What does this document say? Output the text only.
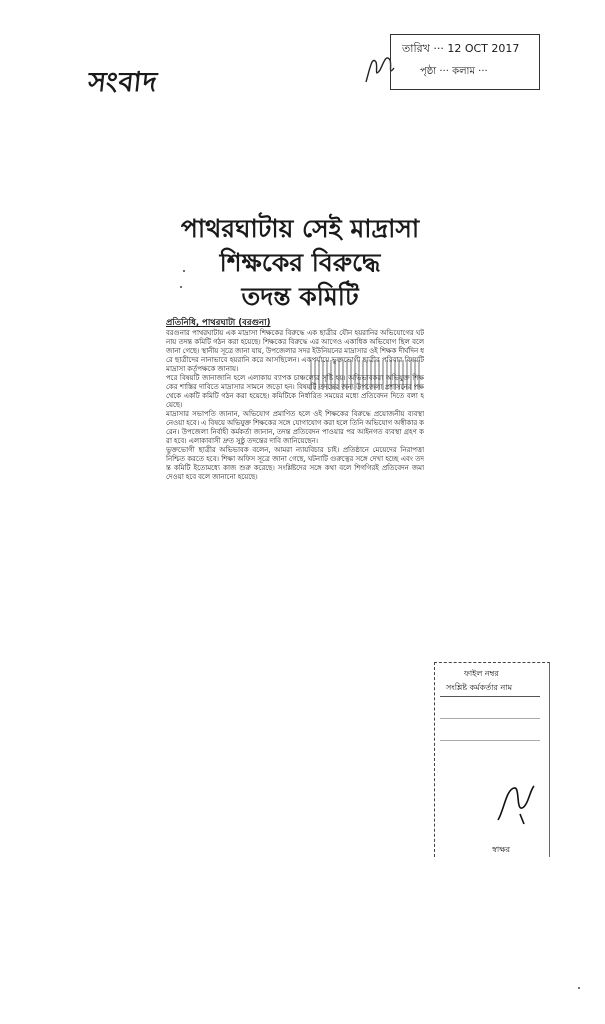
সংবাদ
তারিখ ··· 12 OCT 2017
পৃষ্ঠা ··· কলাম ···
পাথরঘাটায় সেই মাদ্রাসা
শিক্ষকের বিরুদ্ধে
তদন্ত কমিটি
প্রতিনিধি, পাথরঘাটা (বরগুনা)

বরগুনার পাথরঘাটায় এক মাদ্রাসা শিক্ষকের বিরুদ্ধে এক ছাত্রীর যৌন হয়রানির অভিযোগের ঘটনায় তদন্ত কমিটি গঠন করা হয়েছে। শিক্ষকের বিরুদ্ধে এর আগেও একাধিক অভিযোগ ছিল বলে জানা গেছে। স্থানীয় সূত্রে জানা যায়, উপজেলার সদর ইউনিয়নের মাদ্রাসার ওই শিক্ষক দীর্ঘদিন ধরে ছাত্রীদের নানাভাবে হয়রানি করে আসছিলেন। একপর্যায়ে ভুক্তভোগী ছাত্রীর পরিবার বিষয়টি মাদ্রাসা কর্তৃপক্ষকে জানায়।

পরে বিষয়টি জানাজানি হলে এলাকায় ব্যাপক চাঞ্চল্যের সৃষ্টি হয়। অভিভাবকরা অভিযুক্ত শিক্ষকের শাস্তির দাবিতে মাদ্রাসার সামনে জড়ো হন। বিষয়টি তদন্তের জন্য উপজেলা প্রশাসনের পক্ষ থেকে একটি কমিটি গঠন করা হয়েছে। কমিটিকে নির্ধারিত সময়ের মধ্যে প্রতিবেদন দিতে বলা হয়েছে।

মাদ্রাসার সভাপতি জানান, অভিযোগ প্রমাণিত হলে ওই শিক্ষকের বিরুদ্ধে প্রয়োজনীয় ব্যবস্থা নেওয়া হবে। এ বিষয়ে অভিযুক্ত শিক্ষকের সঙ্গে যোগাযোগ করা হলে তিনি অভিযোগ অস্বীকার করেন। উপজেলা নির্বাহী কর্মকর্তা জানান, তদন্ত প্রতিবেদন পাওয়ার পর আইনগত ব্যবস্থা গ্রহণ করা হবে। এলাকাবাসী দ্রুত সুষ্ঠু তদন্তের দাবি জানিয়েছেন।

ভুক্তভোগী ছাত্রীর অভিভাবক বলেন, আমরা ন্যায়বিচার চাই। প্রতিষ্ঠানে মেয়েদের নিরাপত্তা নিশ্চিত করতে হবে। শিক্ষা অফিস সূত্রে জানা গেছে, ঘটনাটি গুরুত্বের সঙ্গে দেখা হচ্ছে এবং তদন্ত কমিটি ইতোমধ্যে কাজ শুরু করেছে। সংশ্লিষ্টদের সঙ্গে কথা বলে শিগগিরই প্রতিবেদন জমা দেওয়া হবে বলে জানানো হয়েছে।

ফাইল নম্বর
সংশ্লিষ্ট কর্মকর্তার নাম
স্বাক্ষর
